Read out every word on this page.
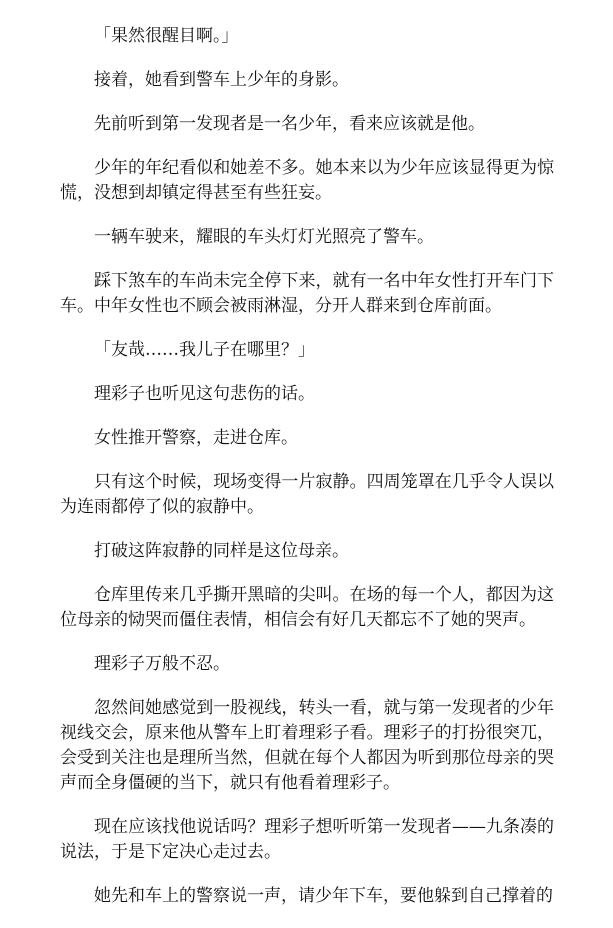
「果然很醒目啊。」

接着，她看到警车上少年的身影。

先前听到第一发现者是一名少年，看来应该就是他。

少年的年纪看似和她差不多。她本来以为少年应该显得更为惊慌，没想到却镇定得甚至有些狂妄。

一辆车驶来，耀眼的车头灯灯光照亮了警车。

踩下煞车的车尚未完全停下来，就有一名中年女性打开车门下车。中年女性也不顾会被雨淋湿，分开人群来到仓库前面。

「友哉……我儿子在哪里？」

理彩子也听见这句悲伤的话。

女性推开警察，走进仓库。

只有这个时候，现场变得一片寂静。四周笼罩在几乎令人误以为连雨都停了似的寂静中。

打破这阵寂静的同样是这位母亲。

仓库里传来几乎撕开黑暗的尖叫。在场的每一个人，都因为这位母亲的恸哭而僵住表情，相信会有好几天都忘不了她的哭声。

理彩子万般不忍。

忽然间她感觉到一股视线，转头一看，就与第一发现者的少年视线交会，原来他从警车上盯着理彩子看。理彩子的打扮很突兀，会受到关注也是理所当然，但就在每个人都因为听到那位母亲的哭声而全身僵硬的当下，就只有他看着理彩子。

现在应该找他说话吗？理彩子想听听第一发现者——九条凑的说法，于是下定决心走过去。

她先和车上的警察说一声，请少年下车，要他躲到自己撑着的
